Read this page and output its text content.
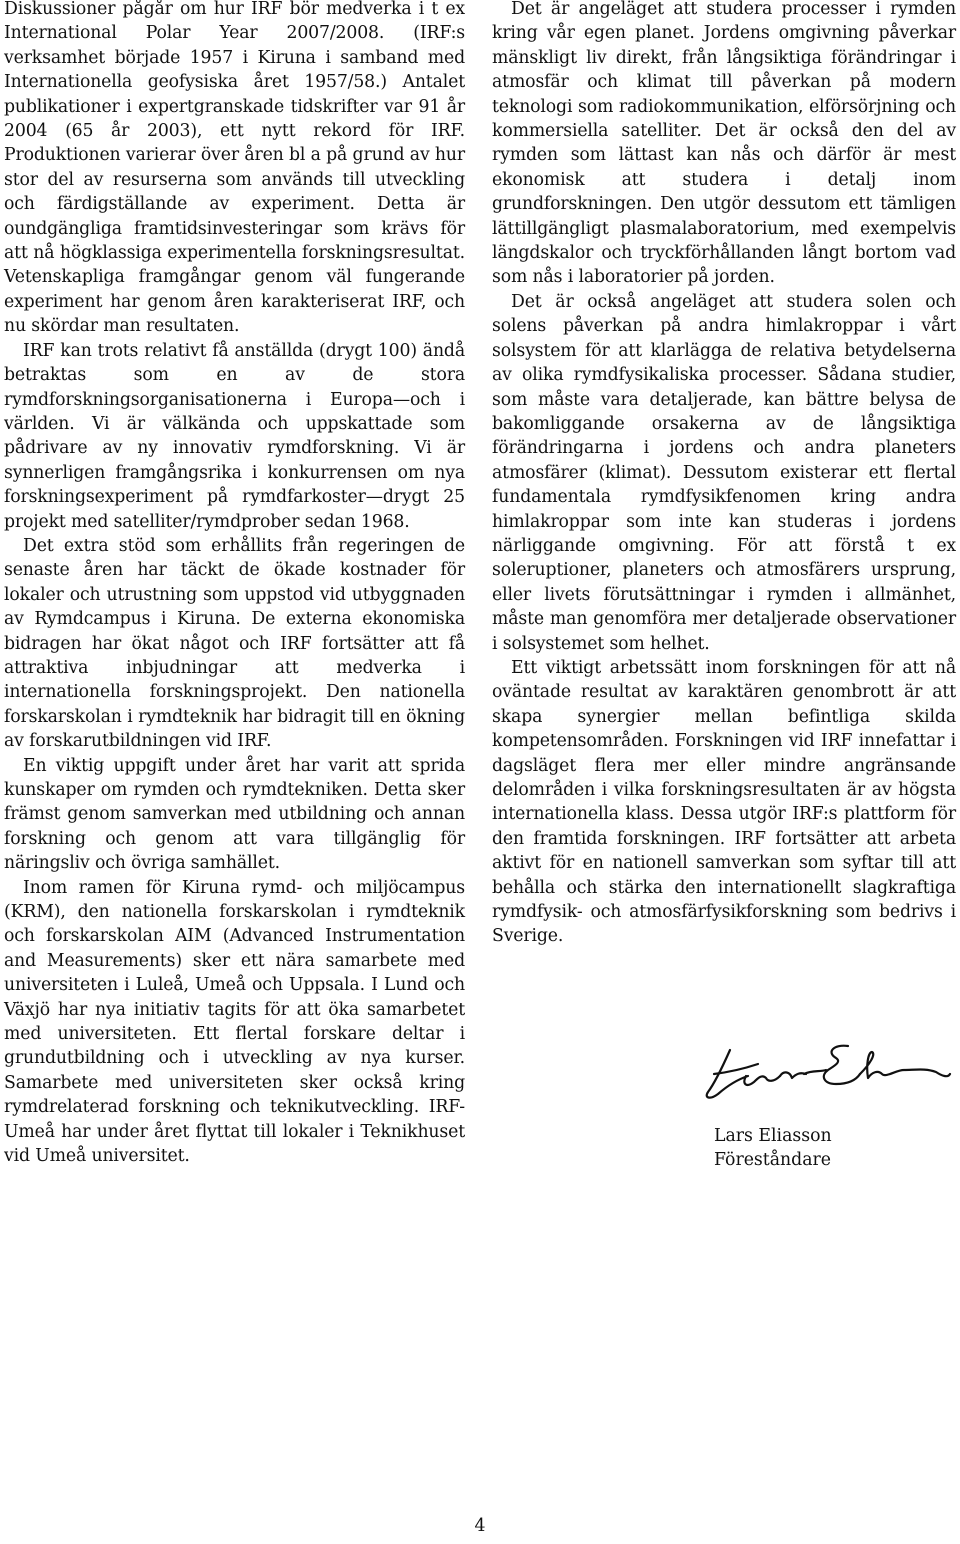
Diskussioner pågår om hur IRF bör medverka i t ex International Polar Year 2007/2008. (IRF:s verksamhet började 1957 i Kiruna i samband med Internationella geofysiska året 1957/58.) Antalet publikationer i expertgranskade tidskrifter var 91 år 2004 (65 år 2003), ett nytt rekord för IRF. Produktionen varierar över åren bl a på grund av hur stor del av resurserna som används till utveckling och färdigställande av experiment. Detta är oundgängliga framtidsinvesteringar som krävs för att nå högklassiga experimentella forskningsresultat. Vetenskapliga framgångar genom väl fungerande experiment har genom åren karakteriserat IRF, och nu skördar man resultaten.

IRF kan trots relativt få anställda (drygt 100) ändå betraktas som en av de stora rymdforskningsorganisationerna i Europa—och i världen. Vi är välkända och uppskattade som pådrivare av ny innovativ rymdforskning. Vi är synnerligen framgångsrika i konkurrensen om nya forskningsexperiment på rymdfarkoster—drygt 25 projekt med satelliter/rymdprober sedan 1968.

Det extra stöd som erhållits från regeringen de senaste åren har täckt de ökade kostnader för lokaler och utrustning som uppstod vid utbyggnaden av Rymdcampus i Kiruna. De externa ekonomiska bidragen har ökat något och IRF fortsätter att få attraktiva inbjudningar att medverka i internationella forskningsprojekt. Den nationella forskarskolan i rymdteknik har bidragit till en ökning av forskarutbildningen vid IRF.

En viktig uppgift under året har varit att sprida kunskaper om rymden och rymdtekniken. Detta sker främst genom samverkan med utbildning och annan forskning och genom att vara tillgänglig för näringsliv och övriga samhället.

Inom ramen för Kiruna rymd- och miljöcampus (KRM), den nationella forskarskolan i rymdteknik och forskarskolan AIM (Advanced Instrumentation and Measurements) sker ett nära samarbete med universiteten i Luleå, Umeå och Uppsala. I Lund och Växjö har nya initiativ tagits för att öka samarbetet med universiteten. Ett flertal forskare deltar i grundutbildning och i utveckling av nya kurser. Samarbete med universiteten sker också kring rymdrelaterad forskning och teknikutveckling. IRF-Umeå har under året flyttat till lokaler i Teknikhuset vid Umeå universitet.

Det är angeläget att studera processer i rymden kring vår egen planet. Jordens omgivning påverkar mänskligt liv direkt, från långsiktiga förändringar i atmosfär och klimat till påverkan på modern teknologi som radiokommunikation, elförsörjning och kommersiella satelliter. Det är också den del av rymden som lättast kan nås och därför är mest ekonomisk att studera i detalj inom grundforskningen. Den utgör dessutom ett tämligen lättillgängligt plasmalaboratorium, med exempelvis längdskalor och tryckförhållanden långt bortom vad som nås i laboratorier på jorden.

Det är också angeläget att studera solen och solens påverkan på andra himlakroppar i vårt solsystem för att klarlägga de relativa betydelserna av olika rymdfysikaliska processer. Sådana studier, som måste vara detaljerade, kan bättre belysa de bakomliggande orsakerna av de långsiktiga förändringarna i jordens och andra planeters atmosfärer (klimat). Dessutom existerar ett flertal fundamentala rymdfysikfenomen kring andra himlakroppar som inte kan studeras i jordens närliggande omgivning. För att förstå t ex soleruptioner, planeters och atmosfärers ursprung, eller livets förutsättningar i rymden i allmänhet, måste man genomföra mer detaljerade observationer i solsystemet som helhet.

Ett viktigt arbetssätt inom forskningen för att nå oväntade resultat av karaktären genombrott är att skapa synergier mellan befintliga skilda kompetensområden. Forskningen vid IRF innefattar i dagsläget flera mer eller mindre angränsande delområden i vilka forskningsresultaten är av högsta internationella klass. Dessa utgör IRF:s plattform för den framtida forskningen. IRF fortsätter att arbeta aktivt för en nationell samverkan som syftar till att behålla och stärka den internationellt slagkraftiga rymdfysik- och atmosfärfysikforskning som bedrivs i Sverige.

Lars Eliasson
Föreståndare
4
